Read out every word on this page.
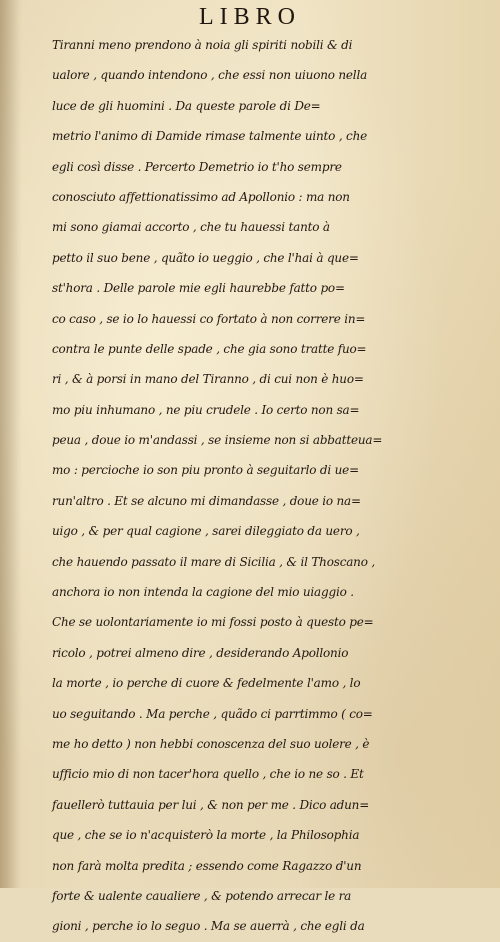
LIBRO
Tiranni meno prendono à noia gli spiriti nobili & di
ualore , quando intendono , che essi non uiuono nella
luce de gli huomini . Da queste parole di De=
metrio l'animo di Damide rimase talmente uinto , che
egli così disse . Percerto Demetrio io t'ho sempre
conosciuto affettionatissimo ad Apollonio : ma non
mi sono giamai accorto , che tu hauessi tanto à
petto il suo bene , quãto io ueggio , che l'hai à que=
st'hora . Delle parole mie egli haurebbe fatto po=
co caso , se io lo hauessi co fortato à non correre in=
contra le punte delle spade , che gia sono tratte fuo=
ri , & à porsi in mano del Tiranno , di cui non è huo=
mo piu inhumano , ne piu crudele . Io certo non sa=
peua , doue io m'andassi , se insieme non si abbatteua=
mo : percioche io son piu pronto à seguitarlo di ue=
run'altro . Et se alcuno mi dimandasse , doue io na=
uigo , & per qual cagione , sarei dileggiato da uero ,
che hauendo passato il mare di Sicilia , & il Thoscano ,
anchora io non intenda la cagione del mio uiaggio .
Che se uolontariamente io mi fossi posto à questo pe=
ricolo , potrei almeno dire , desiderando Apollonio
la morte , io perche di cuore & fedelmente l'amo , lo
uo seguitando . Ma perche , quãdo ci parrtimmo ( co=
me ho detto ) non hebbi conoscenza del suo uolere , è
ufficio mio di non tacer'hora quello , che io ne so . Et
fauellerò tuttauia per lui , & non per me . Dico adun=
que , che se io n'acquisterò la morte , la Philosophia
non farà molta predita ; essendo come Ragazzo d'un
forte & ualente caualiere , & potendo arrecar le ra
gioni , perche io lo seguo . Ma se auerrà , che egli da
